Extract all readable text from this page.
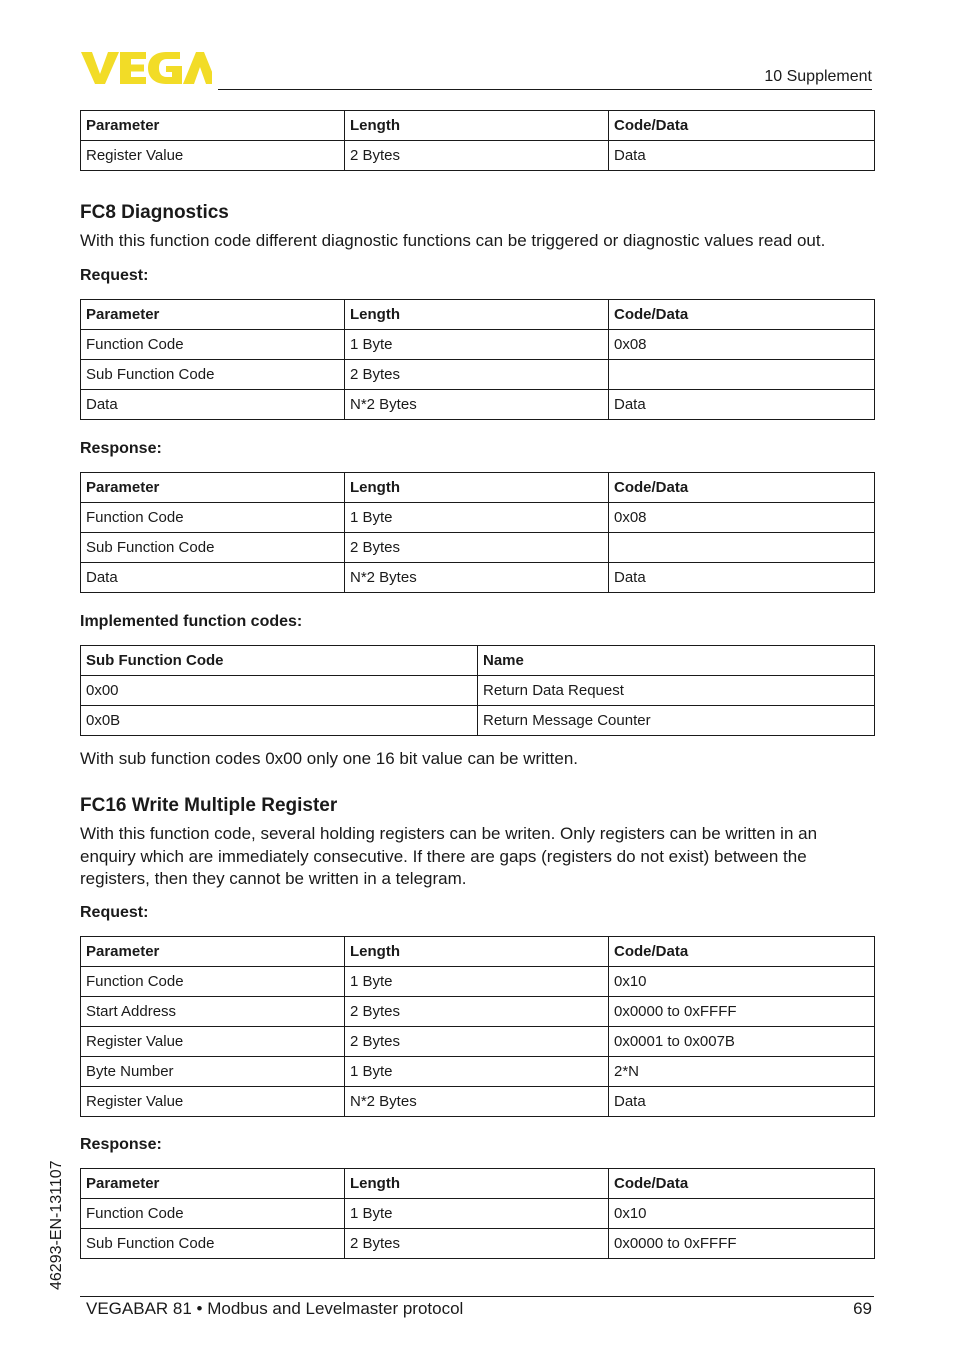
10 Supplement
Parameter	Length	Code/Data
Register Value	2 Bytes	Data
FC8 Diagnostics
With this function code different diagnostic functions can be triggered or diagnostic values read out.
Request:
Parameter	Length	Code/Data
Function Code	1 Byte	0x08
Sub Function Code	2 Bytes	
Data	N*2 Bytes	Data
Response:
Parameter	Length	Code/Data
Function Code	1 Byte	0x08
Sub Function Code	2 Bytes	
Data	N*2 Bytes	Data
Implemented function codes:
Sub Function Code	Name
0x00	Return Data Request
0x0B	Return Message Counter
With sub function codes 0x00 only one 16 bit value can be written.
FC16 Write Multiple Register
With this function code, several holding registers can be writen. Only registers can be written in an enquiry which are immediately consecutive. If there are gaps (registers do not exist) between the registers, then they cannot be written in a telegram.
Request:
Parameter	Length	Code/Data
Function Code	1 Byte	0x10
Start Address	2 Bytes	0x0000 to 0xFFFF
Register Value	2 Bytes	0x0001 to 0x007B
Byte Number	1 Byte	2*N
Register Value	N*2 Bytes	Data
Response:
Parameter	Length	Code/Data
Function Code	1 Byte	0x10
Sub Function Code	2 Bytes	0x0000 to 0xFFFF
46293-EN-131107
VEGABAR 81 • Modbus and Levelmaster protocol	69
